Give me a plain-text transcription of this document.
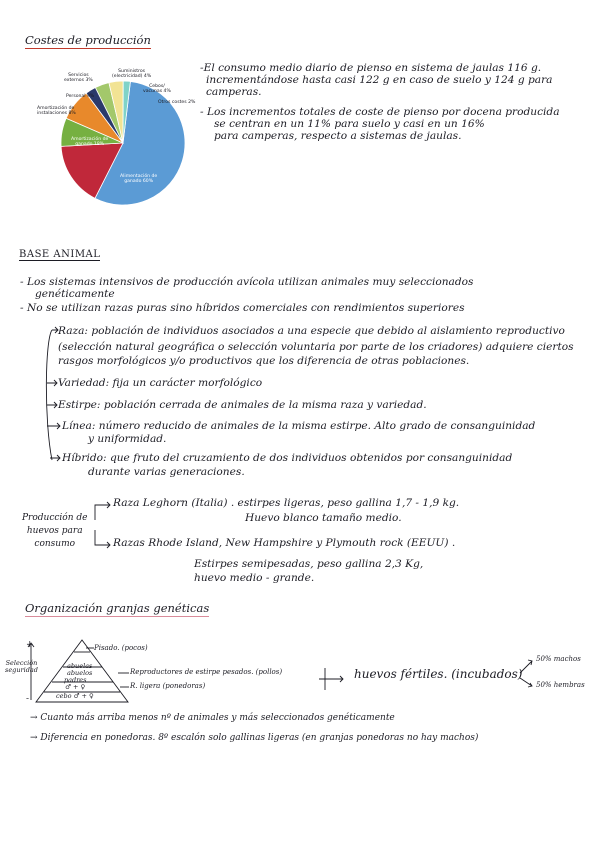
Costes de producción
Servicios
externos 3%
Suministros
(electricidad) 4%
Cebos/
vacunas 4%
Otros costes 2%
Personal 9%
Amortización de
instalaciones 8%
Amortización de
ganado 18%
Alimentación de
ganado 60%
-El consumo medio diario de pienso en sistema de jaulas 116 g.
incrementándose hasta casi 122 g en caso de suelo y 124 g para
camperas.
- Los incrementos totales de coste de pienso por docena producida
se centran en un 11% para suelo y casi en un 16%
para camperas, respecto a sistemas de jaulas.
BASE ANIMAL
- Los sistemas intensivos de producción avícola utilizan animales muy seleccionados
genéticamente
- No se utilizan razas puras sino híbridos comerciales con rendimientos superiores
Raza: población de individuos asociados a una especie que debido al aislamiento reproductivo
(selección natural geográfica o selección voluntaria por parte de los criadores) adquiere ciertos
rasgos morfológicos y/o productivos que los diferencia de otras poblaciones.
Variedad: fija un carácter morfológico
Estirpe: población cerrada de animales de la misma raza y variedad.
Línea: número reducido de animales de la misma estirpe. Alto grado de consanguinidad
y uniformidad.
Híbrido: que fruto del cruzamiento de dos individuos obtenidos por consanguinidad
durante varias generaciones.
Producción de
huevos para
consumo
Raza Leghorn (Italia) . estirpes ligeras, peso gallina 1,7 - 1,9 kg.
Huevo blanco tamaño medio.
Razas Rhode Island, New Hampshire y Plymouth rock (EEUU) .
Estirpes semipesadas, peso gallina 2,3 Kg,
huevo medio - grande.
Organización granjas genéticas
Selección
seguridad
+
-
Pisado. (pocos)
abuelas
abuelos
padres
♂ + ♀
cebo ♂ + ♀
Reproductores de estirpe pesados. (pollos)
R. ligera (ponedoras)
huevos fértiles. (incubados)
50% machos
50% hembras
→ Cuanto más arriba menos nº de animales y más seleccionados genéticamente
→ Diferencia en ponedoras. 8º escalón solo gallinas ligeras (en granjas ponedoras no hay machos)
